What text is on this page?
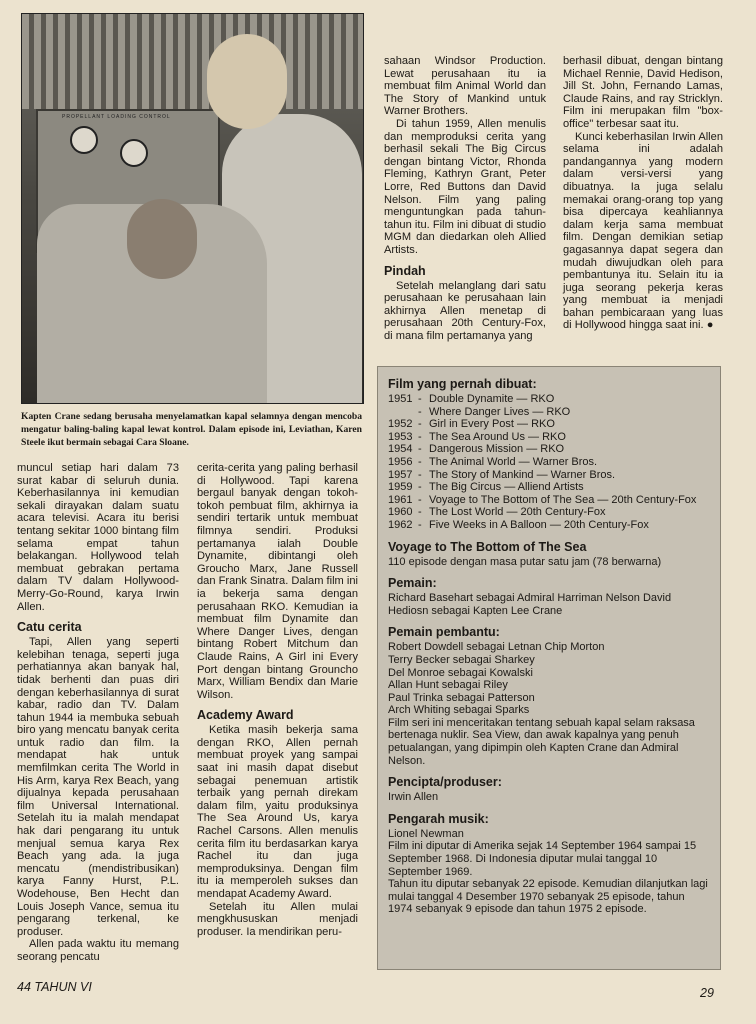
PROPELLANT LOADING CONTROL
Kapten Crane sedang berusaha menyelamatkan kapal selamnya dengan mencoba mengatur baling-baling kapal lewat kontrol. Dalam episode ini, Leviathan, Karen Steele ikut bermain sebagai Cara Sloane.

muncul setiap hari dalam 73 surat kabar di seluruh dunia. Keberhasilannya ini kemudian sekali dirayakan dalam suatu acara televisi. Acara itu berisi tentang sekitar 1000 bintang film selama empat tahun belakangan. Hollywood telah membuat gebrakan pertama dalam TV dalam Hollywood-Merry-Go-Round, karya Irwin Allen.

Catu cerita

Tapi, Allen yang seperti kelebihan tenaga, seperti juga perhatiannya akan banyak hal, tidak berhenti dan puas diri dengan keberhasilannya di surat kabar, radio dan TV. Dalam tahun 1944 ia membuka sebuah biro yang mencatu banyak cerita untuk radio dan film. Ia mendapat hak untuk memfilmkan cerita The World in His Arm, karya Rex Beach, yang dijualnya kepada perusahaan film Universal International. Setelah itu ia malah mendapat hak dari pengarang itu untuk menjual semua karya Rex Beach yang ada. Ia juga mencatu (mendistribusikan) karya Fanny Hurst, P.L. Wodehouse, Ben Hecht dan Louis Joseph Vance, semua itu pengarang terkenal, ke produser.

Allen pada waktu itu memang seorang pencatu

cerita-cerita yang paling berhasil di Hollywood. Tapi karena bergaul banyak dengan tokoh-tokoh pembuat film, akhirnya ia sendiri tertarik untuk membuat filmnya sendiri. Produksi pertamanya ialah Double Dynamite, dibintangi oleh Groucho Marx, Jane Russell dan Frank Sinatra. Dalam film ini ia bekerja sama dengan perusahaan RKO. Kemudian ia membuat film Dynamite dan Where Danger Lives, dengan bintang Robert Mitchum dan Claude Rains, A Girl ini Every Port dengan bintang Grouncho Marx, William Bendix dan Marie Wilson.

Academy Award

Ketika masih bekerja sama dengan RKO, Allen pernah membuat proyek yang sampai saat ini masih dapat disebut sebagai penemuan artistik terbaik yang pernah direkam dalam film, yaitu produksinya The Sea Around Us, karya Rachel Carsons. Allen menulis cerita film itu berdasarkan karya Rachel itu dan juga memproduksinya. Dengan film itu ia memperoleh sukses dan mendapat Academy Award.

Setelah itu Allen mulai mengkhususkan menjadi produser. Ia mendirikan peru-

sahaan Windsor Production. Lewat perusahaan itu ia membuat film Animal World dan The Story of Mankind untuk Warner Brothers.

Di tahun 1959, Allen menulis dan memproduksi cerita yang berhasil sekali The Big Circus dengan bintang Victor, Rhonda Fleming, Kathryn Grant, Peter Lorre, Red Buttons dan David Nelson. Film yang paling menguntungkan pada tahun-tahun itu. Film ini dibuat di studio MGM dan diedarkan oleh Allied Artists.

Pindah

Setelah melanglang dari satu perusahaan ke perusahaan lain akhirnya Allen menetap di perusahaan 20th Century-Fox, di mana film pertamanya yang

berhasil dibuat, dengan bintang Michael Rennie, David Hedison, Jill St. John, Fernando Lamas, Claude Rains, and ray Stricklyn. Film ini merupakan film "box-office" terbesar saat itu.

Kunci keberhasilan Irwin Allen selama ini adalah pandangannya yang modern dalam versi-versi yang dibuatnya. Ia juga selalu memakai orang-orang top yang bisa dipercaya keahliannya dalam kerja sama membuat film. Dengan demikian setiap gagasannya dapat segera dan mudah diwujudkan oleh para pembantunya itu. Selain itu ia juga seorang pekerja keras yang membuat ia menjadi bahan pembicaraan yang luas di Hollywood hingga saat ini. ●

Film yang pernah dibuat:
1951 - Double Dynamite — RKO
- Where Danger Lives — RKO
1952 - Girl in Every Post — RKO
1953 - The Sea Around Us — RKO
1954 - Dangerous Mission — RKO
1956 - The Animal World — Warner Bros.
1957 - The Story of Mankind — Warner Bros.
1959 - The Big Circus — Alliend Artists
1961 - Voyage to The Bottom of The Sea — 20th Century-Fox
1960 - The Lost World — 20th Century-Fox
1962 - Five Weeks in A Balloon — 20th Century-Fox
Voyage to The Bottom of The Sea

110 episode dengan masa putar satu jam (78 berwarna)

Pemain:

Richard Basehart sebagai Admiral Harriman Nelson David Hediosn sebagai Kapten Lee Crane

Pemain pembantu:

Robert Dowdell sebagai Letnan Chip Morton

Terry Becker sebagai Sharkey

Del Monroe sebagai Kowalski

Allan Hunt sebagai Riley

Paul Trinka sebagai Patterson

Arch Whiting sebagai Sparks

Film seri ini menceritakan tentang sebuah kapal selam raksasa bertenaga nuklir. Sea View, dan awak kapalnya yang penuh petualangan, yang dipimpin oleh Kapten Crane dan Admiral Nelson.

Pencipta/produser:

Irwin Allen

Pengarah musik:

Lionel Newman

Film ini diputar di Amerika sejak 14 September 1964 sampai 15 September 1968. Di Indonesia diputar mulai tanggal 10 September 1969.

Tahun itu diputar sebanyak 22 episode. Kemudian dilanjutkan lagi mulai tanggal 4 Desember 1970 sebanyak 25 episode, tahun 1974 sebanyak 9 episode dan tahun 1975 2 episode.

44 TAHUN VI	29
